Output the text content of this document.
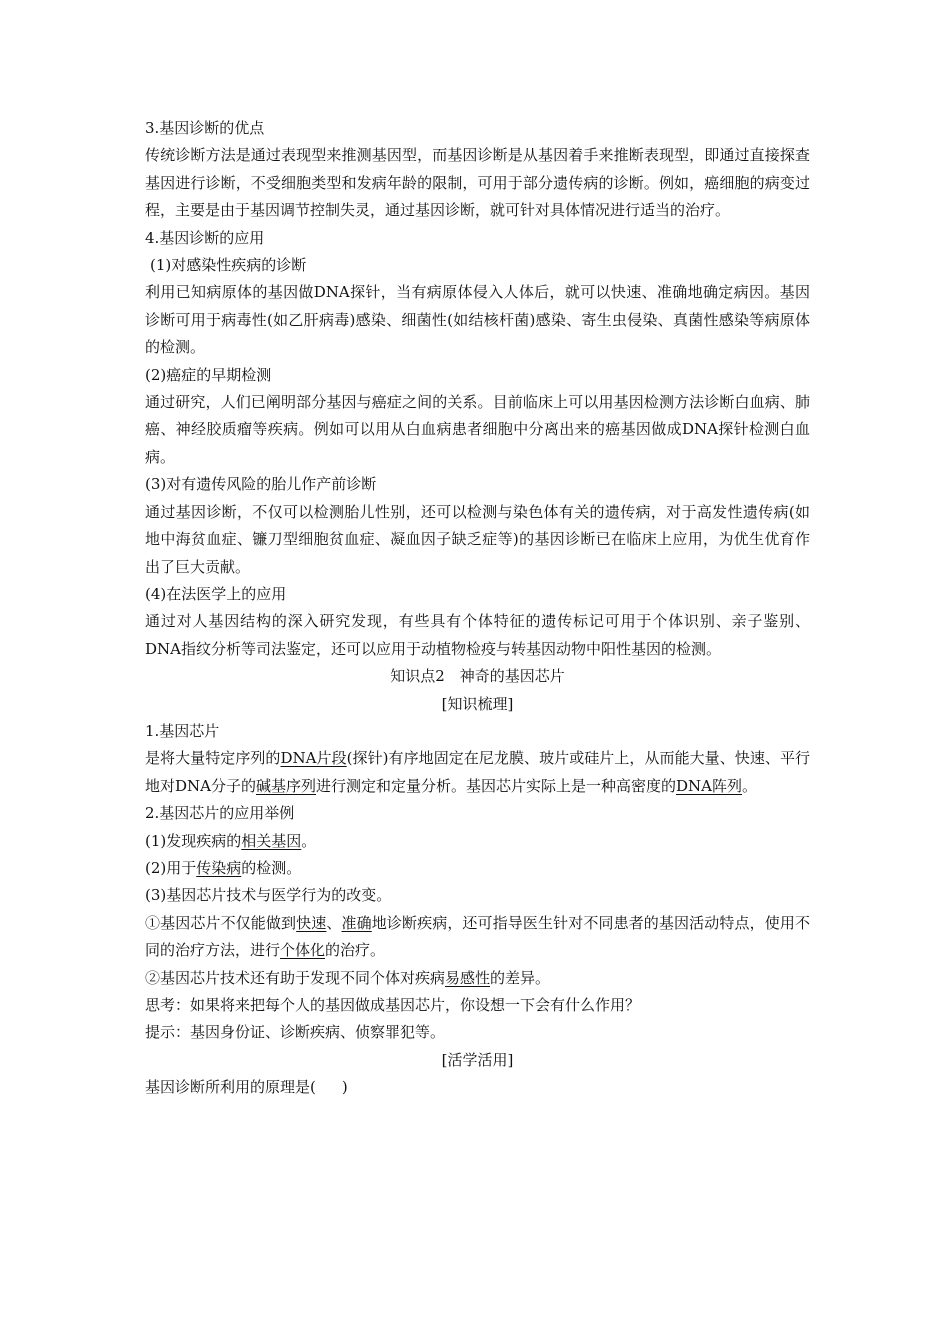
3.基因诊断的优点

传统诊断方法是通过表现型来推测基因型，而基因诊断是从基因着手来推断表现型，即通过直接探查基因进行诊断，不受细胞类型和发病年龄的限制，可用于部分遗传病的诊断。例如，癌细胞的病变过程，主要是由于基因调节控制失灵，通过基因诊断，就可针对具体情况进行适当的治疗。

4.基因诊断的应用

(1)对感染性疾病的诊断

利用已知病原体的基因做DNA探针，当有病原体侵入人体后，就可以快速、准确地确定病因。基因诊断可用于病毒性(如乙肝病毒)感染、细菌性(如结核杆菌)感染、寄生虫侵染、真菌性感染等病原体的检测。

(2)癌症的早期检测

通过研究，人们已阐明部分基因与癌症之间的关系。目前临床上可以用基因检测方法诊断白血病、肺癌、神经胶质瘤等疾病。例如可以用从白血病患者细胞中分离出来的癌基因做成DNA探针检测白血病。

(3)对有遗传风险的胎儿作产前诊断

通过基因诊断，不仅可以检测胎儿性别，还可以检测与染色体有关的遗传病，对于高发性遗传病(如地中海贫血症、镰刀型细胞贫血症、凝血因子缺乏症等)的基因诊断已在临床上应用，为优生优育作出了巨大贡献。

(4)在法医学上的应用

通过对人基因结构的深入研究发现，有些具有个体特征的遗传标记可用于个体识别、亲子鉴别、DNA指纹分析等司法鉴定，还可以应用于动植物检疫与转基因动物中阳性基因的检测。

知识点2　神奇的基因芯片

[知识梳理]

1.基因芯片

是将大量特定序列的DNA片段(探针)有序地固定在尼龙膜、玻片或硅片上，从而能大量、快速、平行地对DNA分子的碱基序列进行测定和定量分析。基因芯片实际上是一种高密度的DNA阵列。

2.基因芯片的应用举例

(1)发现疾病的相关基因。

(2)用于传染病的检测。

(3)基因芯片技术与医学行为的改变。

①基因芯片不仅能做到快速、准确地诊断疾病，还可指导医生针对不同患者的基因活动特点，使用不同的治疗方法，进行个体化的治疗。

②基因芯片技术还有助于发现不同个体对疾病易感性的差异。

思考：如果将来把每个人的基因做成基因芯片，你设想一下会有什么作用？

提示：基因身份证、诊断疾病、侦察罪犯等。

[活学活用]

基因诊断所利用的原理是( )
